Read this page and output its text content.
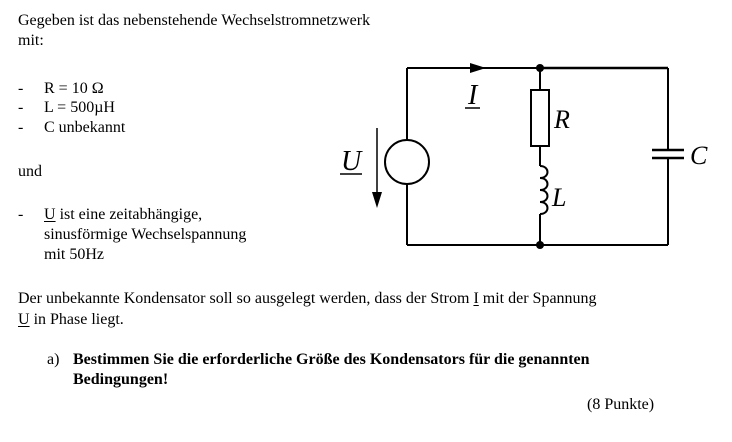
Gegeben ist das nebenstehende Wechselstromnetzwerk
mit:
- R = 10 Ω
- L = 500µH
- C unbekannt
und
- U ist eine zeitabhängige,
sinusförmige Wechselspannung
mit 50Hz
Der unbekannte Kondensator soll so ausgelegt werden, dass der Strom I mit der Spannung
U in Phase liegt.
a) Bestimmen Sie die erforderliche Größe des Kondensators für die genannten
Bedingungen!
(8 Punkte)
I
U
R
L
C
